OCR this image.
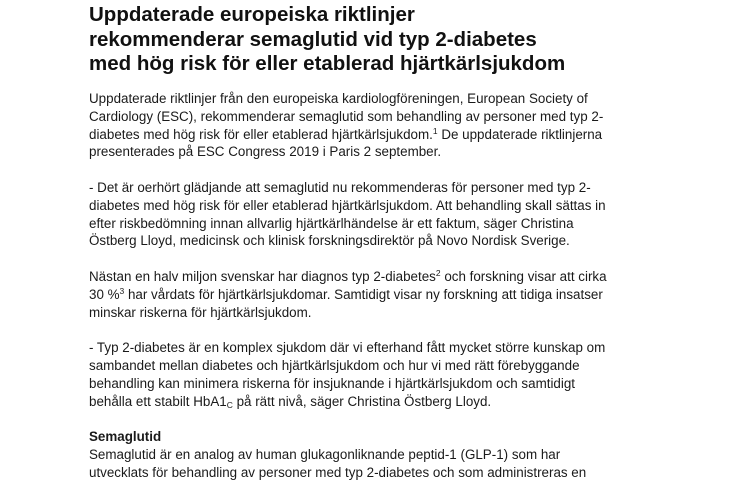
Uppdaterade europeiska riktlinjer
rekommenderar semaglutid vid typ 2-diabetes
med hög risk för eller etablerad hjärtkärlsjukdom

Uppdaterade riktlinjer från den europeiska kardiologföreningen, European Society of
Cardiology (ESC), rekommenderar semaglutid som behandling av personer med typ 2-
diabetes med hög risk för eller etablerad hjärtkärlsjukdom.$^1$ De uppdaterade riktlinjerna
presenterades på ESC Congress 2019 i Paris 2 september.

- Det är oerhört glädjande att semaglutid nu rekommenderas för personer med typ 2-
diabetes med hög risk för eller etablerad hjärtkärlsjukdom. Att behandling skall sättas in
efter riskbedömning innan allvarlig hjärtkärlhändelse är ett faktum, säger Christina
Östberg Lloyd, medicinsk och klinisk forskningsdirektör på Novo Nordisk Sverige.

Nästan en halv miljon svenskar har diagnos typ 2-diabetes$^2$ och forskning visar att cirka
30 %$^3$ har vårdats för hjärtkärlsjukdomar. Samtidigt visar ny forskning att tidiga insatser
minskar riskerna för hjärtkärlsjukdom.

- Typ 2-diabetes är en komplex sjukdom där vi efterhand fått mycket större kunskap om
sambandet mellan diabetes och hjärtkärlsjukdom och hur vi med rätt förebyggande
behandling kan minimera riskerna för insjuknande i hjärtkärlsjukdom och samtidigt
behålla ett stabilt $HbA1_C$ på rätt nivå, säger Christina Östberg Lloyd.

Semaglutid
Semaglutid är en analog av human glukagonliknande peptid-1 (GLP-1) som har
utvecklats för behandling av personer med typ 2-diabetes och som administreras en
